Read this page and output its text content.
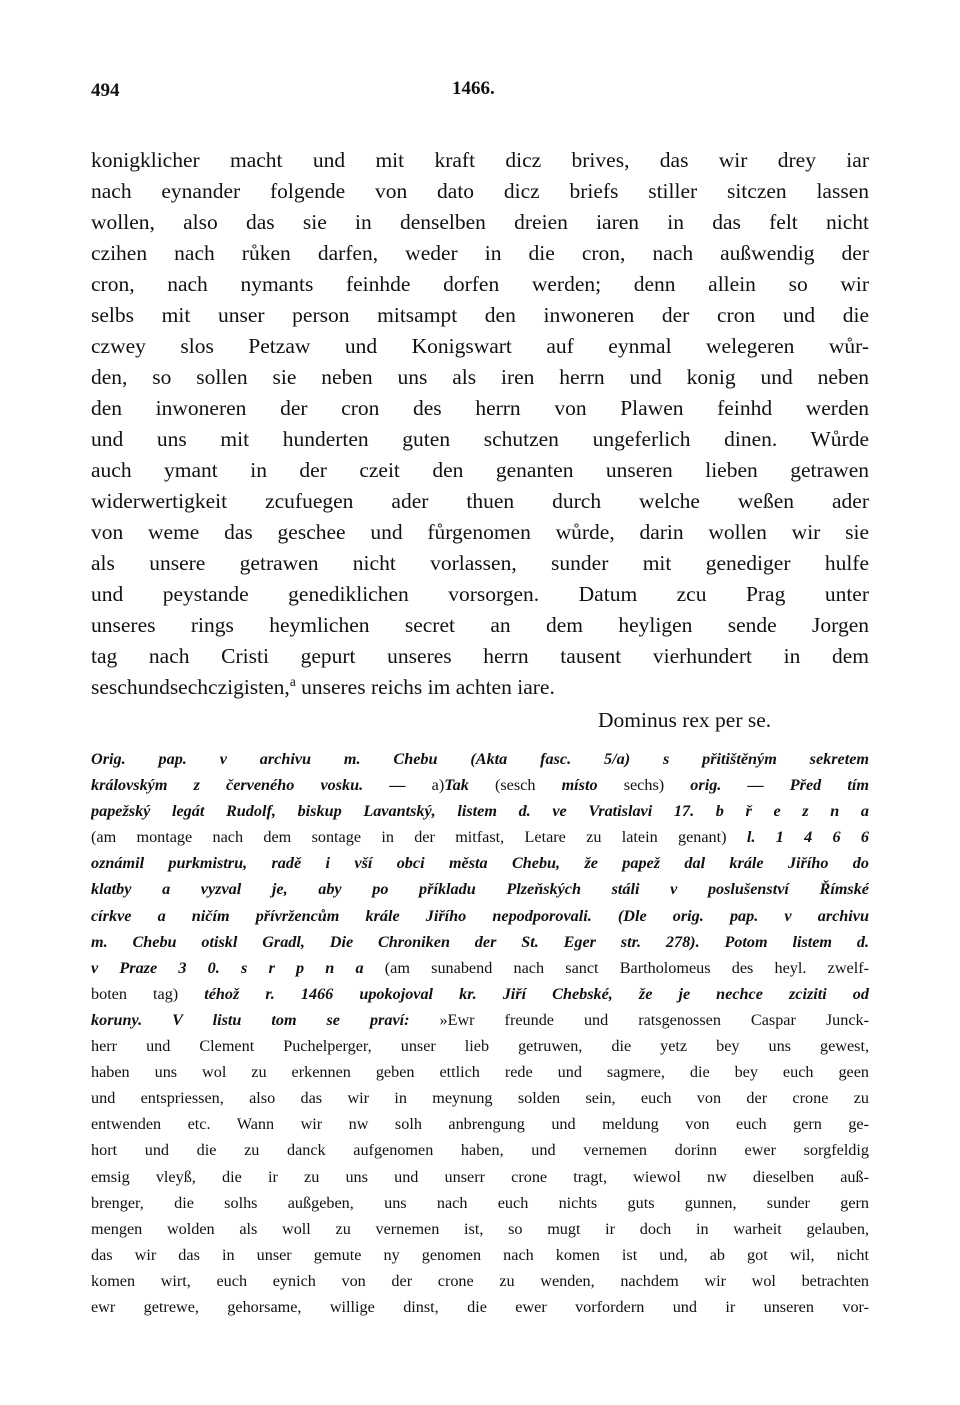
494	1466.
konigklicher macht und mit kraft dicz brives, das wir drey iar
nach eynander folgende von dato dicz briefs stiller sitczen lassen
wollen, also das sie in denselben dreien iaren in das felt nicht
czihen nach růken darfen, weder in die cron, nach außwendig der
cron, nach nymants feinhde dorfen werden; denn allein so wir
selbs mit unser person mitsampt den inwoneren der cron und die
czwey slos Petzaw und Konigswart auf eynmal welegeren wůr-
den, so sollen sie neben uns als iren herrn und konig und neben
den inwoneren der cron des herrn von Plawen feinhd werden
und uns mit hunderten guten schutzen ungeferlich dinen. Wůrde
auch ymant in der czeit den genanten unseren lieben getrawen
widerwertigkeit zcufuegen ader thuen durch welche weßen ader
von weme das geschee und fůrgenomen wůrde, darin wollen wir sie
als unsere getrawen nicht vorlassen, sunder mit genediger hulfe
und peystande genediklichen vorsorgen. Datum zcu Prag unter
unseres rings heymlichen secret an dem heyligen sende Jorgen
tag nach Cristi gepurt unseres herrn tausent vierhundert in dem
seschundsechczigisten,$^a$ unseres reichs im achten iare.
Dominus rex per se.
Orig. pap. v archivu m. Chebu (Akta fasc. 5/a) s přitištěným sekretem
královským z červeného vosku. — a)Tak (sesch místo sechs) orig. — Před tím
papežský legát Rudolf, biskup Lavantský, listem d. ve Vratislavi 17. b ř e z n a
(am montage nach dem sontage in der mitfast, Letare zu latein genant) l. 1 4 6 6
oznámil purkmistru, radě i vší obci města Chebu, že papež dal krále Jiřího do
klatby a vyzval je, aby po příkladu Plzeňských stáli v poslušenství Římské
církve a ničím přívržencům krále Jiřího nepodporovali. (Dle orig. pap. v archivu
m. Chebu otiskl Gradl, Die Chroniken der St. Eger str. 278). Potom listem d.
v Praze 3 0. s r p n a (am sunabend nach sanct Bartholomeus des heyl. zwelf-
boten tag) téhož r. 1466 upokojoval kr. Jiří Chebské, že je nechce zciziti od
koruny. V listu tom se praví: »Ewr freunde und ratsgenossen Caspar Junck-
herr und Clement Puchelperger, unser lieb getruwen, die yetz bey uns gewest,
haben uns wol zu erkennen geben ettlich rede und sagmere, die bey euch geen
und entspriessen, also das wir in meynung solden sein, euch von der crone zu
entwenden etc. Wann wir nw solh anbrengung und meldung von euch gern ge-
hort und die zu danck aufgenomen haben, und vernemen dorinn ewer sorgfeldig
emsig vleyß, die ir zu uns und unserr crone tragt, wiewol nw dieselben auß-
brenger, die solhs außgeben, uns nach euch nichts guts gunnen, sunder gern
mengen wolden als woll zu vernemen ist, so mugt ir doch in warheit gelauben,
das wir das in unser gemute ny genomen nach komen ist und, ab got wil, nicht
komen wirt, euch eynich von der crone zu wenden, nachdem wir wol betrachten
ewr getrewe, gehorsame, willige dinst, die ewer vorfordern und ir unseren vor-
